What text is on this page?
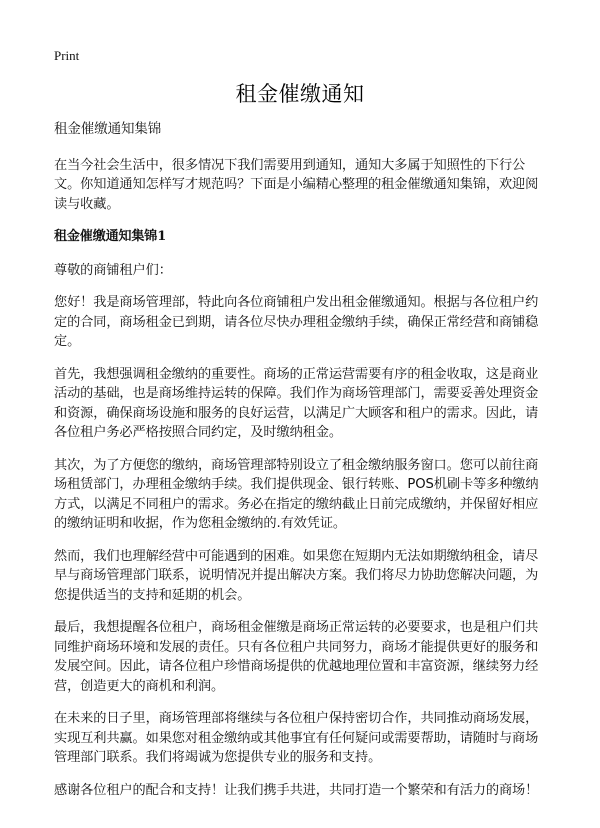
Print
租金催缴通知

租金催缴通知集锦

在当今社会生活中，很多情况下我们需要用到通知，通知大多属于知照性的下行公文。你知道通知怎样写才规范吗？下面是小编精心整理的租金催缴通知集锦，欢迎阅读与收藏。

租金催缴通知集锦1

尊敬的商铺租户们：

您好！我是商场管理部，特此向各位商铺租户发出租金催缴通知。根据与各位租户约定的合同，商场租金已到期，请各位尽快办理租金缴纳手续，确保正常经营和商铺稳定。

首先，我想强调租金缴纳的重要性。商场的正常运营需要有序的租金收取，这是商业活动的基础，也是商场维持运转的保障。我们作为商场管理部门，需要妥善处理资金和资源，确保商场设施和服务的良好运营，以满足广大顾客和租户的需求。因此，请各位租户务必严格按照合同约定，及时缴纳租金。

其次，为了方便您的缴纳，商场管理部特别设立了租金缴纳服务窗口。您可以前往商场租赁部门，办理租金缴纳手续。我们提供现金、银行转账、POS机刷卡等多种缴纳方式，以满足不同租户的需求。务必在指定的缴纳截止日前完成缴纳，并保留好相应的缴纳证明和收据，作为您租金缴纳的.有效凭证。

然而，我们也理解经营中可能遇到的困难。如果您在短期内无法如期缴纳租金，请尽早与商场管理部门联系，说明情况并提出解决方案。我们将尽力协助您解决问题，为您提供适当的支持和延期的机会。

最后，我想提醒各位租户，商场租金催缴是商场正常运转的必要要求，也是租户们共同维护商场环境和发展的责任。只有各位租户共同努力，商场才能提供更好的服务和发展空间。因此，请各位租户珍惜商场提供的优越地理位置和丰富资源，继续努力经营，创造更大的商机和利润。

在未来的日子里，商场管理部将继续与各位租户保持密切合作，共同推动商场发展，实现互利共赢。如果您对租金缴纳或其他事宜有任何疑问或需要帮助，请随时与商场管理部门联系。我们将竭诚为您提供专业的服务和支持。

感谢各位租户的配合和支持！让我们携手共进，共同打造一个繁荣和有活力的商场！
